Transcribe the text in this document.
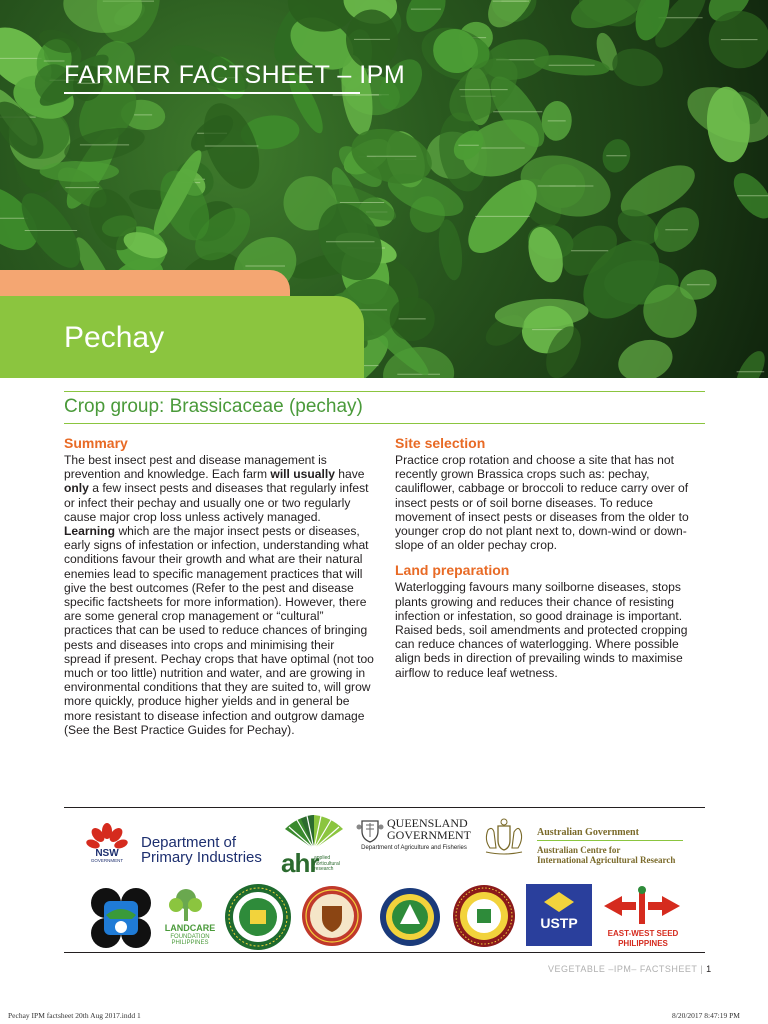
FARMER FACTSHEET – IPM
Pechay
Crop group: Brassicaceae (pechay)
Summary

The best insect pest and disease management is prevention and knowledge. Each farm will usually have only a few insect pests and diseases that regularly infest or infect their pechay and usually one or two regularly cause major crop loss unless actively managed.

Learning which are the major insect pests or diseases, early signs of infestation or infection, understanding what conditions favour their growth and what are their natural enemies lead to specific management practices that will give the best outcomes (Refer to the pest and disease specific factsheets for more information). However, there are some general crop management or “cultural” practices that can be used to reduce chances of bringing pests and diseases into crops and minimising their spread if present. Pechay crops that have optimal (not too much or too little) nutrition and water, and are growing in environmental conditions that they are suited to, will grow more quickly, produce higher yields and in general be more resistant to disease infection and outgrow damage (See the Best Practice Guides for Pechay).

Site selection

Practice crop rotation and choose a site that has not recently grown Brassica crops such as: pechay, cauliflower, cabbage or broccoli to reduce carry over of insect pests or of soil borne diseases. To reduce movement of insect pests or diseases from the older to younger crop do not plant next to, down-wind or down-slope of an older pechay crop.

Land preparation

Waterlogging favours many soilborne diseases, stops plants growing and reduces their chance of resisting infection or infestation, so good drainage is important. Raised beds, soil amendments and protected cropping can reduce chances of waterlogging. Where possible align beds in direction of prevailing winds to maximise airflow to reduce leaf wetness.

NSW
GOVERNMENT
Department of
Primary Industries ahr
applied horticultural research
QUEENSLAND
GOVERNMENT
Department of Agriculture and Fisheries
Australian Government
Australian Centre for
International Agricultural Research
LANDCARE
FOUNDATION
PHILIPPINES
USTP
EAST-WEST SEED
PHILIPPINES
VEGETABLE –IPM– FACTSHEET | 1
Pechay IPM factsheet 20th Aug 2017.indd 1	8/20/2017 8:47:19 PM
